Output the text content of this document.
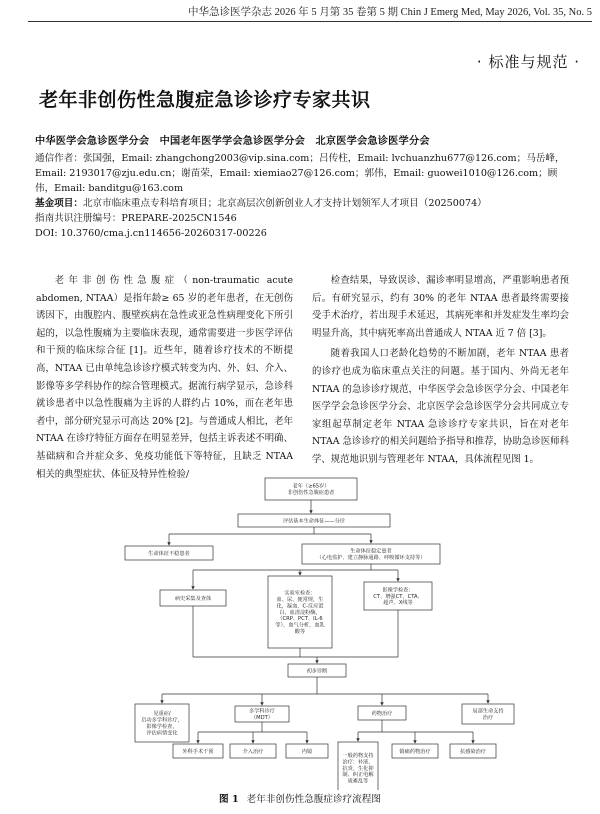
中华急诊医学杂志 2026 年 5 月第 35 卷第 5 期 Chin J Emerg Med, May 2026, Vol. 35, No. 5
· 标准与规范 ·
老年非创伤性急腹症急诊诊疗专家共识
中华医学会急诊医学分会　中国老年医学学会急诊医学分会　北京医学会急诊医学分会
通信作者：张国强，Email: zhangchong2003@vip.sina.com；吕传柱，Email: lvchuanzhu677@126.com；马岳峰，Email: 2193017@zju.edu.cn；谢苗荣，Email: xiemiao27@126.com；郭伟，Email: guowei1010@126.com；顾伟，Email: banditgu@163.com
基金项目：北京市临床重点专科培育项目；北京高层次创新创业人才支持计划领军人才项目（20250074）
指南共识注册编号：PREPARE-2025CN1546
DOI: 10.3760/cma.j.cn114656-20260317-00226

老年非创伤性急腹症（non-traumatic acute abdomen, NTAA）是指年龄≥ 65 岁的老年患者，在无创伤诱因下，由腹腔内、腹壁疾病在急性或亚急性病理变化下所引起的，以急性腹痛为主要临床表现，通常需要进一步医学评估和干预的临床综合征 [1]。近些年，随着诊疗技术的不断提高，NTAA 已由单纯急诊诊疗模式转变为内、外、妇、介入、影像等多学科协作的综合管理模式。据流行病学显示，急诊科就诊患者中以急性腹痛为主诉的人群约占 10%，而在老年患者中，部分研究显示可高达 20% [2]。与普通成人相比，老年 NTAA 在诊疗特征方面存在明显差异，包括主诉表述不明确、基础病和合并症众多、免疫功能低下等特征，且缺乏 NTAA 相关的典型症状、体征及特异性检验/

检查结果，导致误诊、漏诊率明显增高，严重影响患者预后。有研究显示，约有 30% 的老年 NTAA 患者最终需要接受手术治疗，若出现手术延迟，其病死率和并发症发生率均会明显升高，其中病死率高出普通成人 NTAA 近 7 倍 [3]。

随着我国人口老龄化趋势的不断加剧，老年 NTAA 患者的诊疗也成为临床重点关注的问题。基于国内、外尚无老年 NTAA 的急诊诊疗规范，中华医学会急诊医学分会、中国老年医学学会急诊医学分会、北京医学会急诊医学分会共同成立专家组起草制定老年 NTAA 急诊诊疗专家共识，旨在对老年 NTAA 急诊诊疗的相关问题给予指导和推荐，协助急诊医师科学、规范地识别与管理老年 NTAA，具体流程见图 1。

老年（≥65岁）
非创伤性急腹症患者
评估基本生命体征——分诊
生命体征不稳患者	生命体征稳定患者
（心电监护、建立静脉通路、呼吸循环支持等）
病史采集及查体
实验室检查：
血、尿、便常规，生
化，凝血，C-反应蛋
白，血清淀粉酶，
（CRP、PCT、IL-6
等），血气分析，血乳
酸等
影像学检查：
CT、增强CT、CTA、
超声、X线等
初步诊断
见重症/
启动多学科诊疗，
影像学检查，
评估病情变化
多学科诊疗
（MDT）
药物治疗	局部生命支持
治疗
外科手术干预	介入治疗	内镜
一般药物支持
治疗：补液、
抗炎、生化抑
制、纠正电解
质紊乱等
镇痛药物治疗	抗感染治疗
图 1 老年非创伤性急腹症诊疗流程图
